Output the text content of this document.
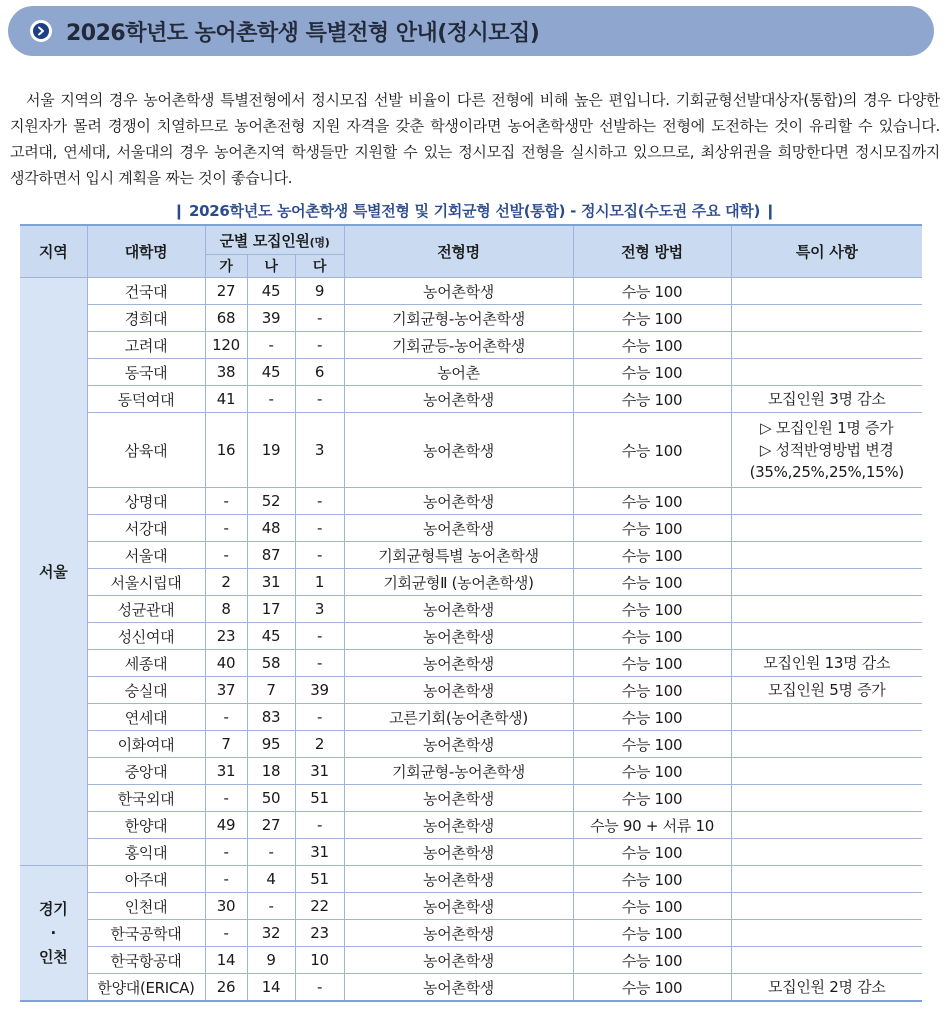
2026학년도 농어촌학생 특별전형 안내(정시모집)

서울 지역의 경우 농어촌학생 특별전형에서 정시모집 선발 비율이 다른 전형에 비해 높은 편입니다. 기회균형선발대상자(통합)의 경우 다양한 지원자가 몰려 경쟁이 치열하므로 농어촌전형 지원 자격을 갖춘 학생이라면 농어촌학생만 선발하는 전형에 도전하는 것이 유리할 수 있습니다. 고려대, 연세대, 서울대의 경우 농어촌지역 학생들만 지원할 수 있는 정시모집 전형을 실시하고 있으므로, 최상위권을 희망한다면 정시모집까지 생각하면서 입시 계획을 짜는 것이 좋습니다.

❙ 2026학년도 농어촌학생 특별전형 및 기회균형 선발(통합) - 정시모집(수도권 주요 대학) ❙
지역	대학명	군별 모집인원(명)			전형명	전형 방법	특이 사항
		가	나	다			
서울	건국대	27	45	9	농어촌학생	수능 100	
	경희대	68	39	-	기회균형-농어촌학생	수능 100	
	고려대	120	-	-	기회균등-농어촌학생	수능 100	
	동국대	38	45	6	농어촌	수능 100	
	동덕여대	41	-	-	농어촌학생	수능 100	모집인원 3명 감소
	삼육대	16	19	3	농어촌학생	수능 100	▷ 모집인원 1명 증가
▷ 성적반영방법 변경
(35%,25%,25%,15%)

	상명대	-	52	-	농어촌학생	수능 100	
	서강대	-	48	-	농어촌학생	수능 100	
	서울대	-	87	-	기회균형특별 농어촌학생	수능 100	
	서울시립대	2	31	1	기회균형Ⅱ (농어촌학생)	수능 100	
	성균관대	8	17	3	농어촌학생	수능 100	
	성신여대	23	45	-	농어촌학생	수능 100	
	세종대	40	58	-	농어촌학생	수능 100	모집인원 13명 감소
	숭실대	37	7	39	농어촌학생	수능 100	모집인원 5명 증가
	연세대	-	83	-	고른기회(농어촌학생)	수능 100	
	이화여대	7	95	2	농어촌학생	수능 100	
	중앙대	31	18	31	기회균형-농어촌학생	수능 100	
	한국외대	-	50	51	농어촌학생	수능 100	
	한양대	49	27	-	농어촌학생	수능 90 + 서류 10	
	홍익대	-	-	31	농어촌학생	수능 100	

경기
·
인천	아주대	-	4	51	농어촌학생	수능 100	
	인천대	30	-	22	농어촌학생	수능 100	
	한국공학대	-	32	23	농어촌학생	수능 100	
	한국항공대	14	9	10	농어촌학생	수능 100	
	한양대(ERICA)	26	14	-	농어촌학생	수능 100	모집인원 2명 감소
